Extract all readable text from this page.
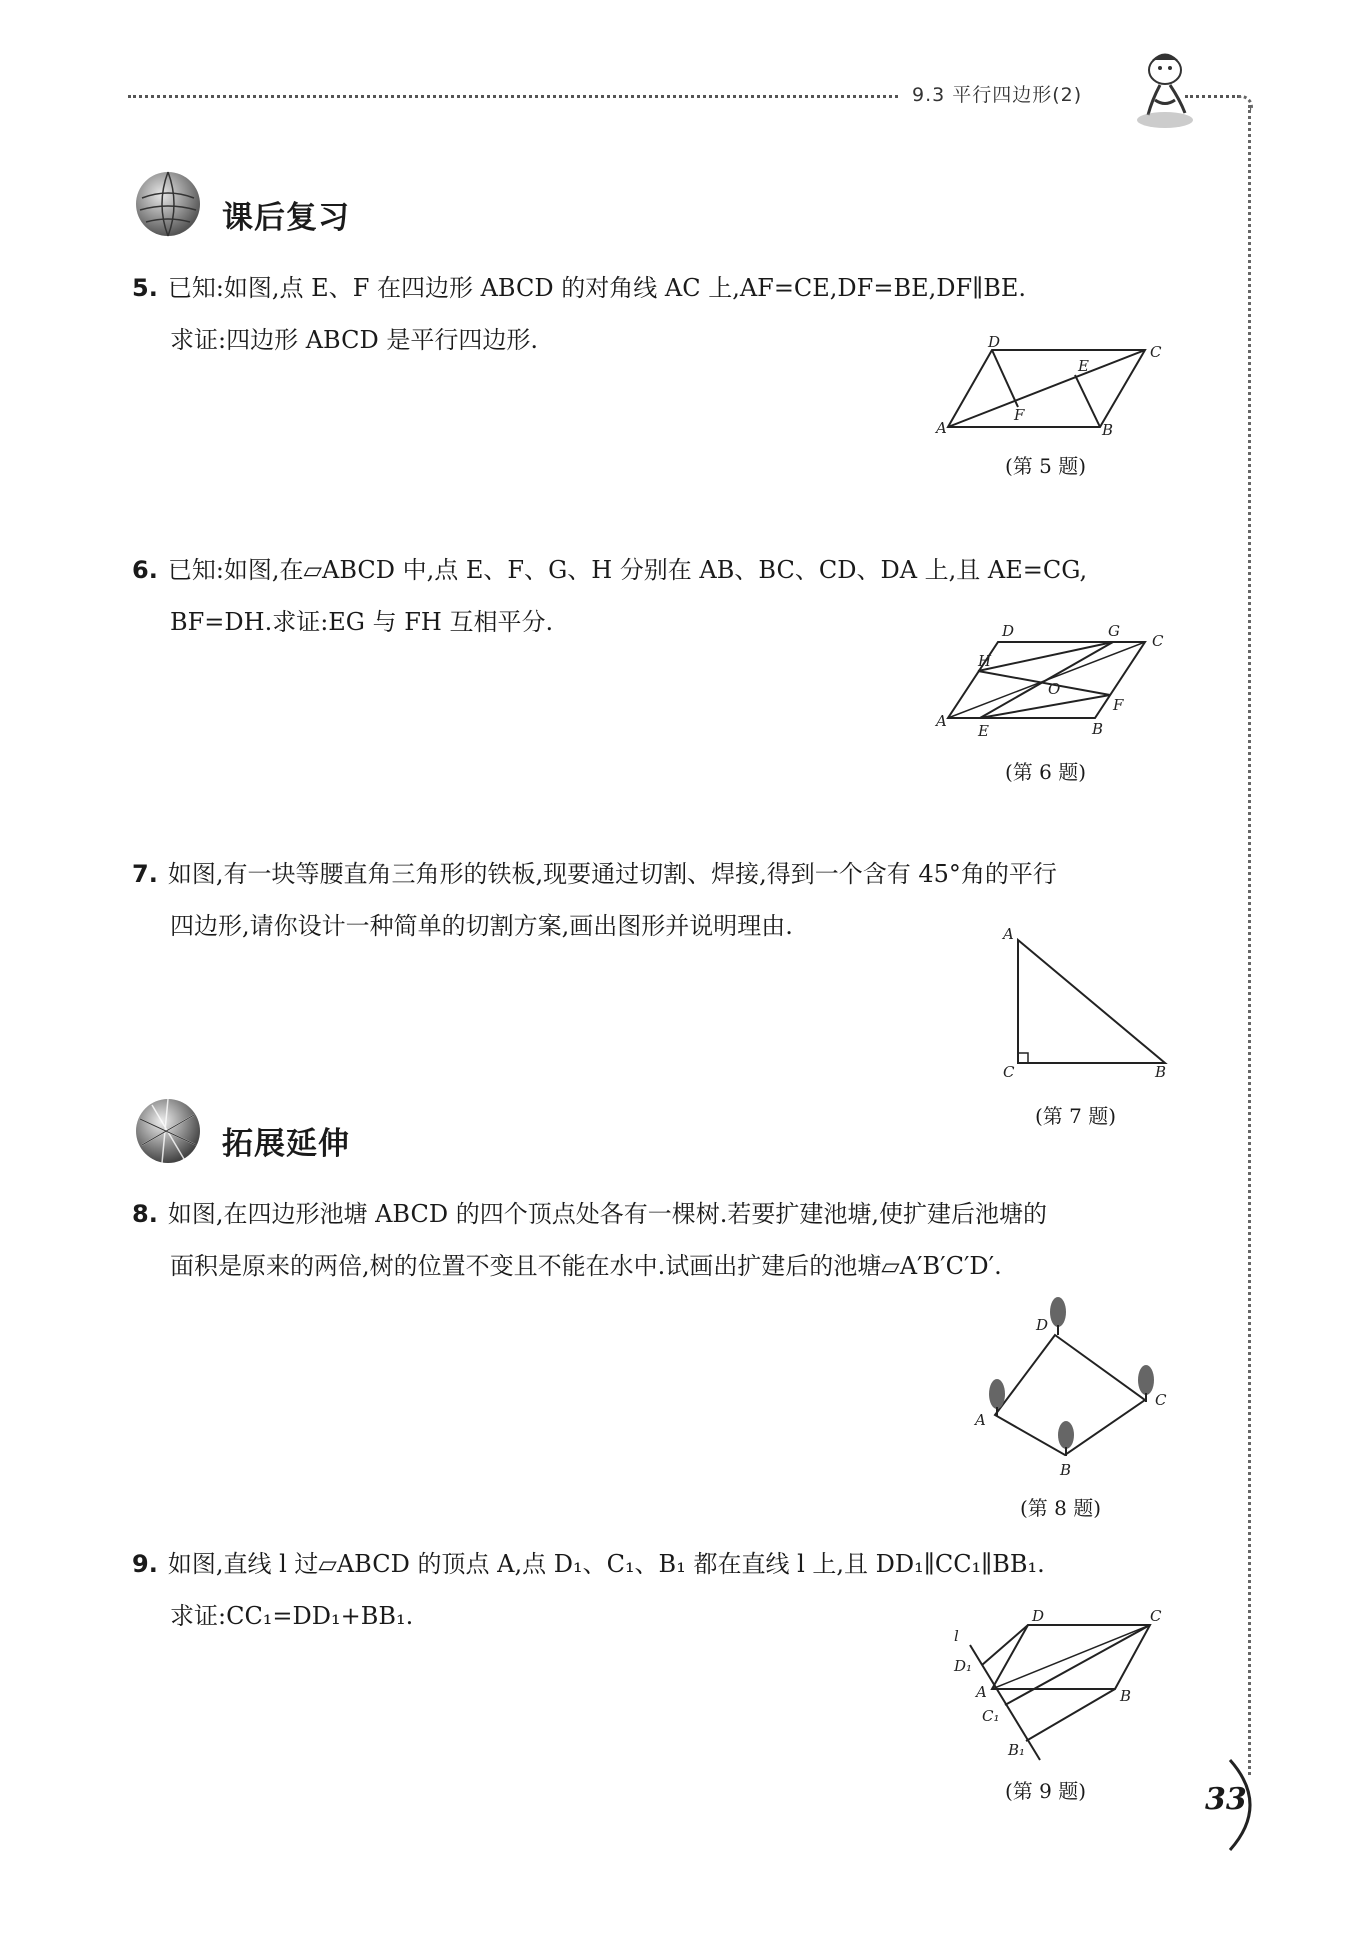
9.3 平行四边形(2)
课后复习
5. 已知:如图,点 E、F 在四边形 ABCD 的对角线 AC 上,AF=CE,DF=BE,DF∥BE.
求证:四边形 ABCD 是平行四边形.	D
C
E
F
A	B
(第 5 题)
6. 已知:如图,在▱ABCD 中,点 E、F、G、H 分别在 AB、BC、CD、DA 上,且 AE=CG,
BF=DH.求证:EG 与 FH 互相平分.	D	G
C
H
O
F
A
E	B
(第 6 题)
7. 如图,有一块等腰直角三角形的铁板,现要通过切割、焊接,得到一个含有 45°角的平行
四边形,请你设计一种简单的切割方案,画出图形并说明理由.	A
C	B
(第 7 题)
拓展延伸
8. 如图,在四边形池塘 ABCD 的四个顶点处各有一棵树.若要扩建池塘,使扩建后池塘的
面积是原来的两倍,树的位置不变且不能在水中.试画出扩建后的池塘▱A′B′C′D′.
D
C
B
A
(第 8 题)
9. 如图,直线 l 过▱ABCD 的顶点 A,点 D₁、C₁、B₁ 都在直线 l 上,且 DD₁∥CC₁∥BB₁.
求证:CC₁=DD₁+BB₁.	D	C
l
D₁
A	B
C₁
B₁
(第 9 题)	33
